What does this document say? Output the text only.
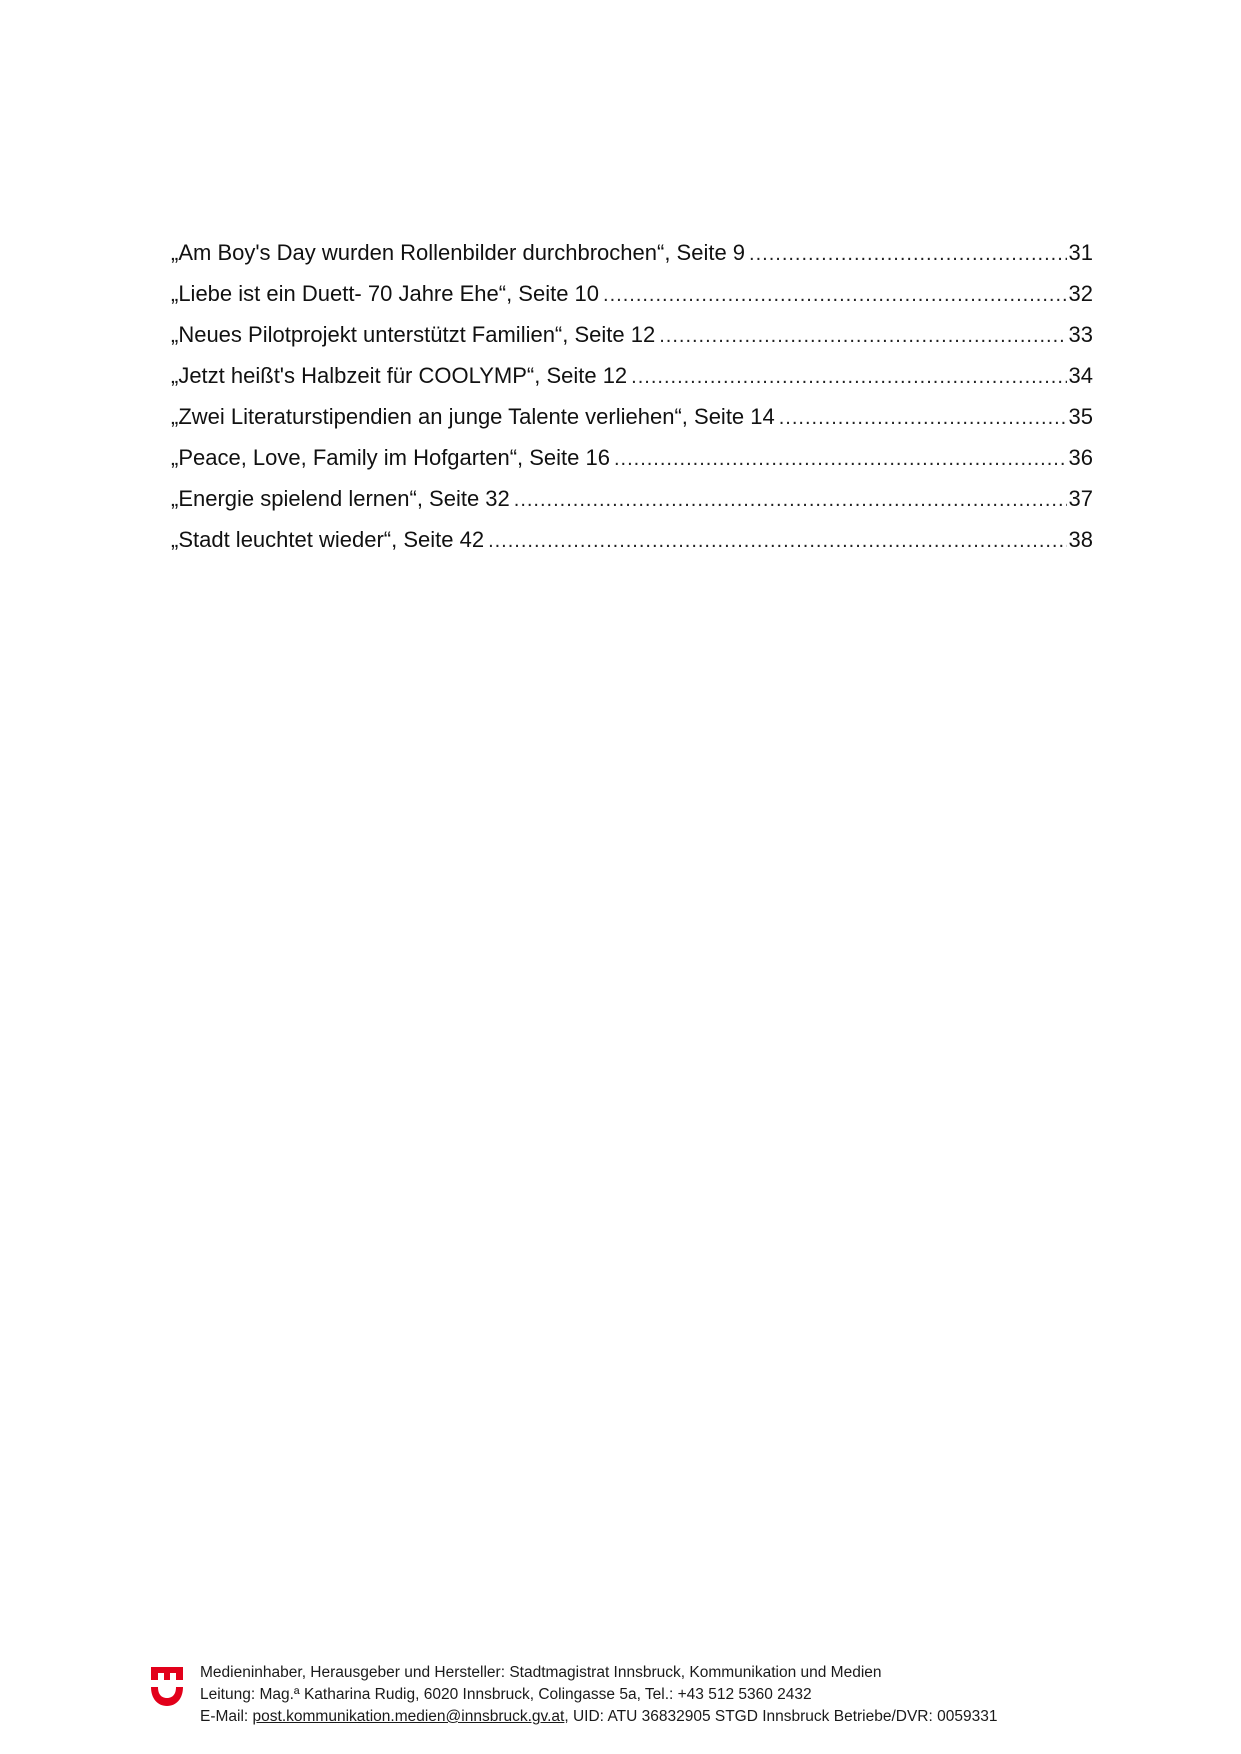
„Am Boy's Day wurden Rollenbilder durchbrochen“, Seite 9 .....	31
„Liebe ist ein Duett- 70 Jahre Ehe“, Seite 10 .....	32
„Neues Pilotprojekt unterstützt Familien“, Seite 12 .....	33
„Jetzt heißt's Halbzeit für COOLYMP“, Seite 12 .....	34
„Zwei Literaturstipendien an junge Talente verliehen“, Seite 14 .....	35
„Peace, Love, Family im Hofgarten“, Seite 16 .....	36
„Energie spielend lernen“, Seite 32 .....	37
„Stadt leuchtet wieder“, Seite 42 .....	38
Medieninhaber, Herausgeber und Hersteller: Stadtmagistrat Innsbruck, Kommunikation und Medien
Leitung: Mag.ª Katharina Rudig, 6020 Innsbruck, Colingasse 5a, Tel.: +43 512 5360 2432
E-Mail: post.kommunikation.medien@innsbruck.gv.at, UID: ATU 36832905 STGD Innsbruck Betriebe/DVR: 0059331
